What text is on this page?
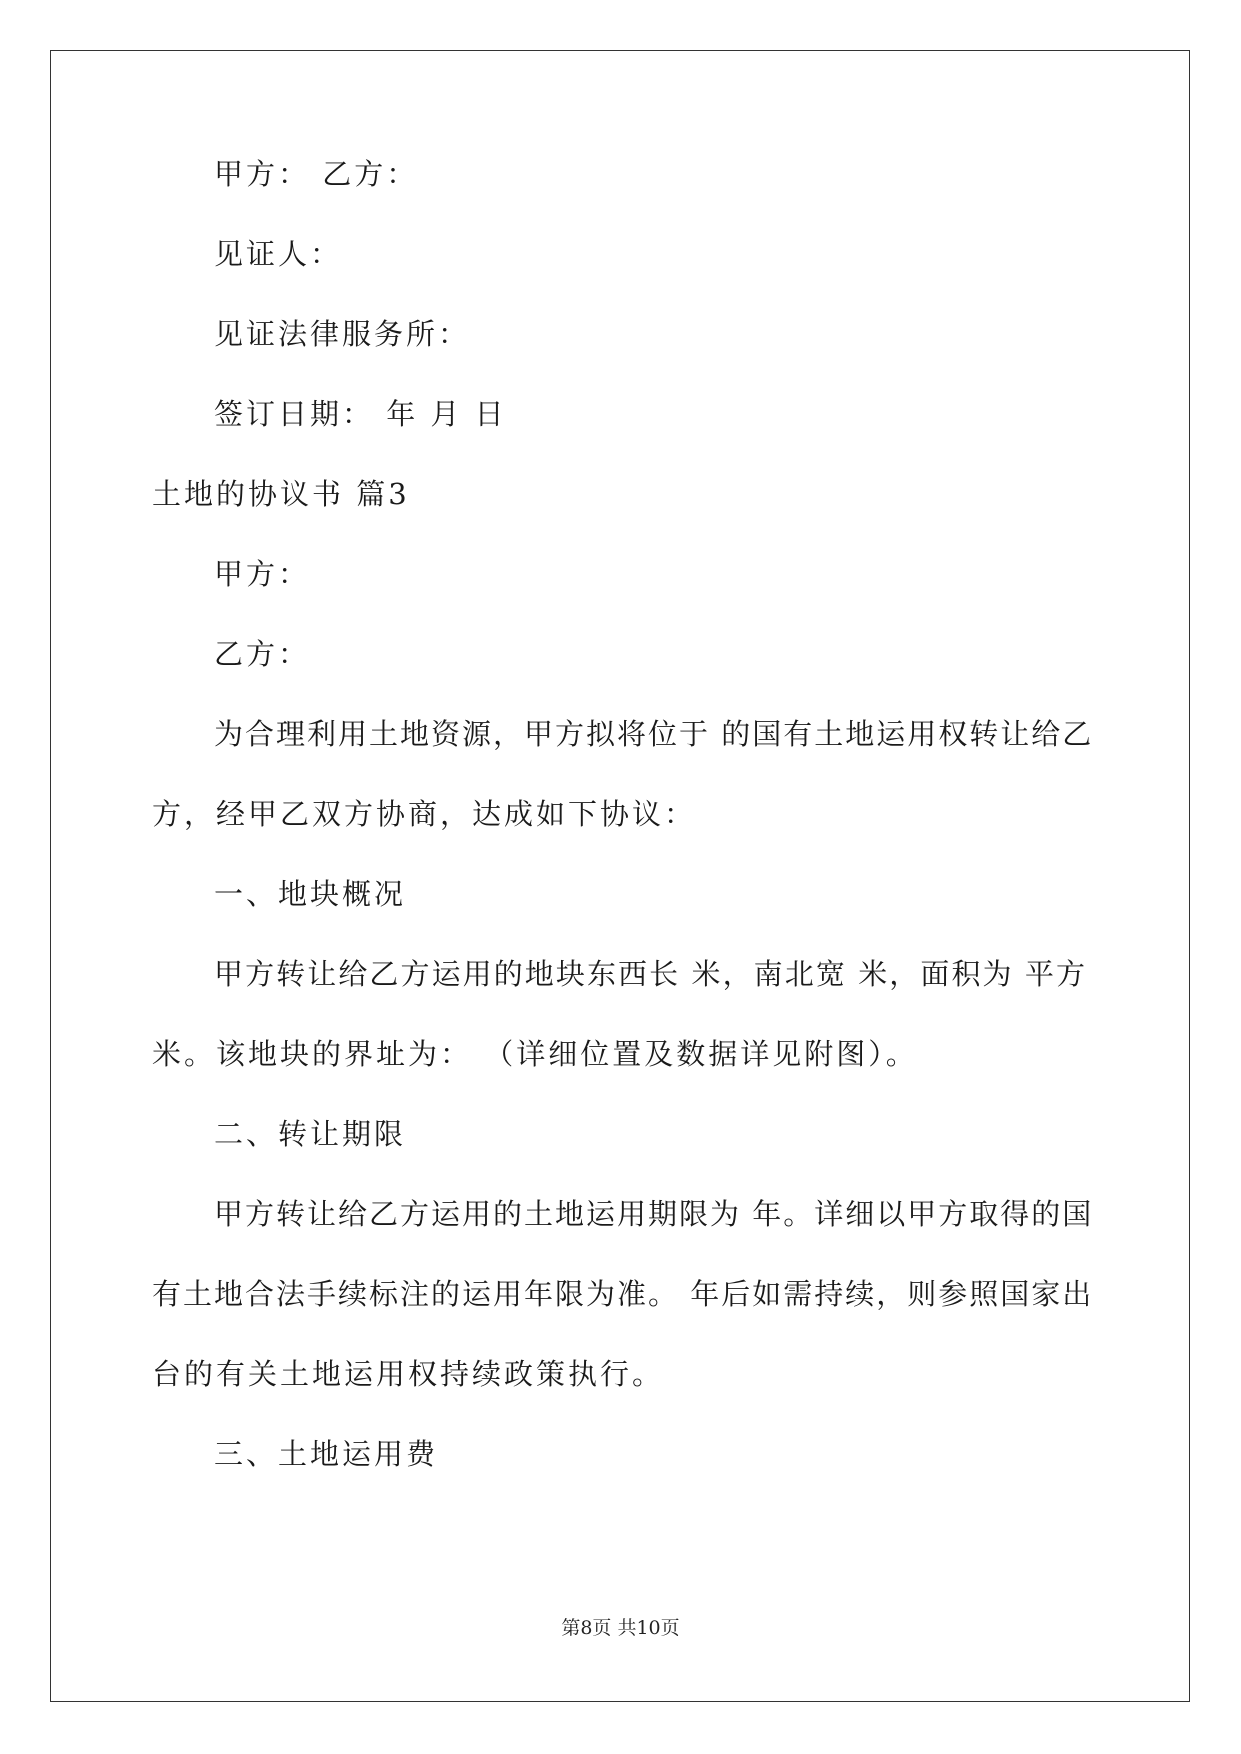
甲方： 乙方：
见证人：
见证法律服务所：
签订日期： 年 月 日
土地的协议书 篇3
甲方：
乙方：
为合理利用土地资源，甲方拟将位于 的国有土地运用权转让给乙
方，经甲乙双方协商，达成如下协议：
一、地块概况
甲方转让给乙方运用的地块东西长 米，南北宽 米，面积为 平方
米。该地块的界址为： （详细位置及数据详见附图）。
二、转让期限
甲方转让给乙方运用的土地运用期限为 年。详细以甲方取得的国
有土地合法手续标注的运用年限为准。 年后如需持续，则参照国家出
台的有关土地运用权持续政策执行。
三、土地运用费
第8页 共10页
